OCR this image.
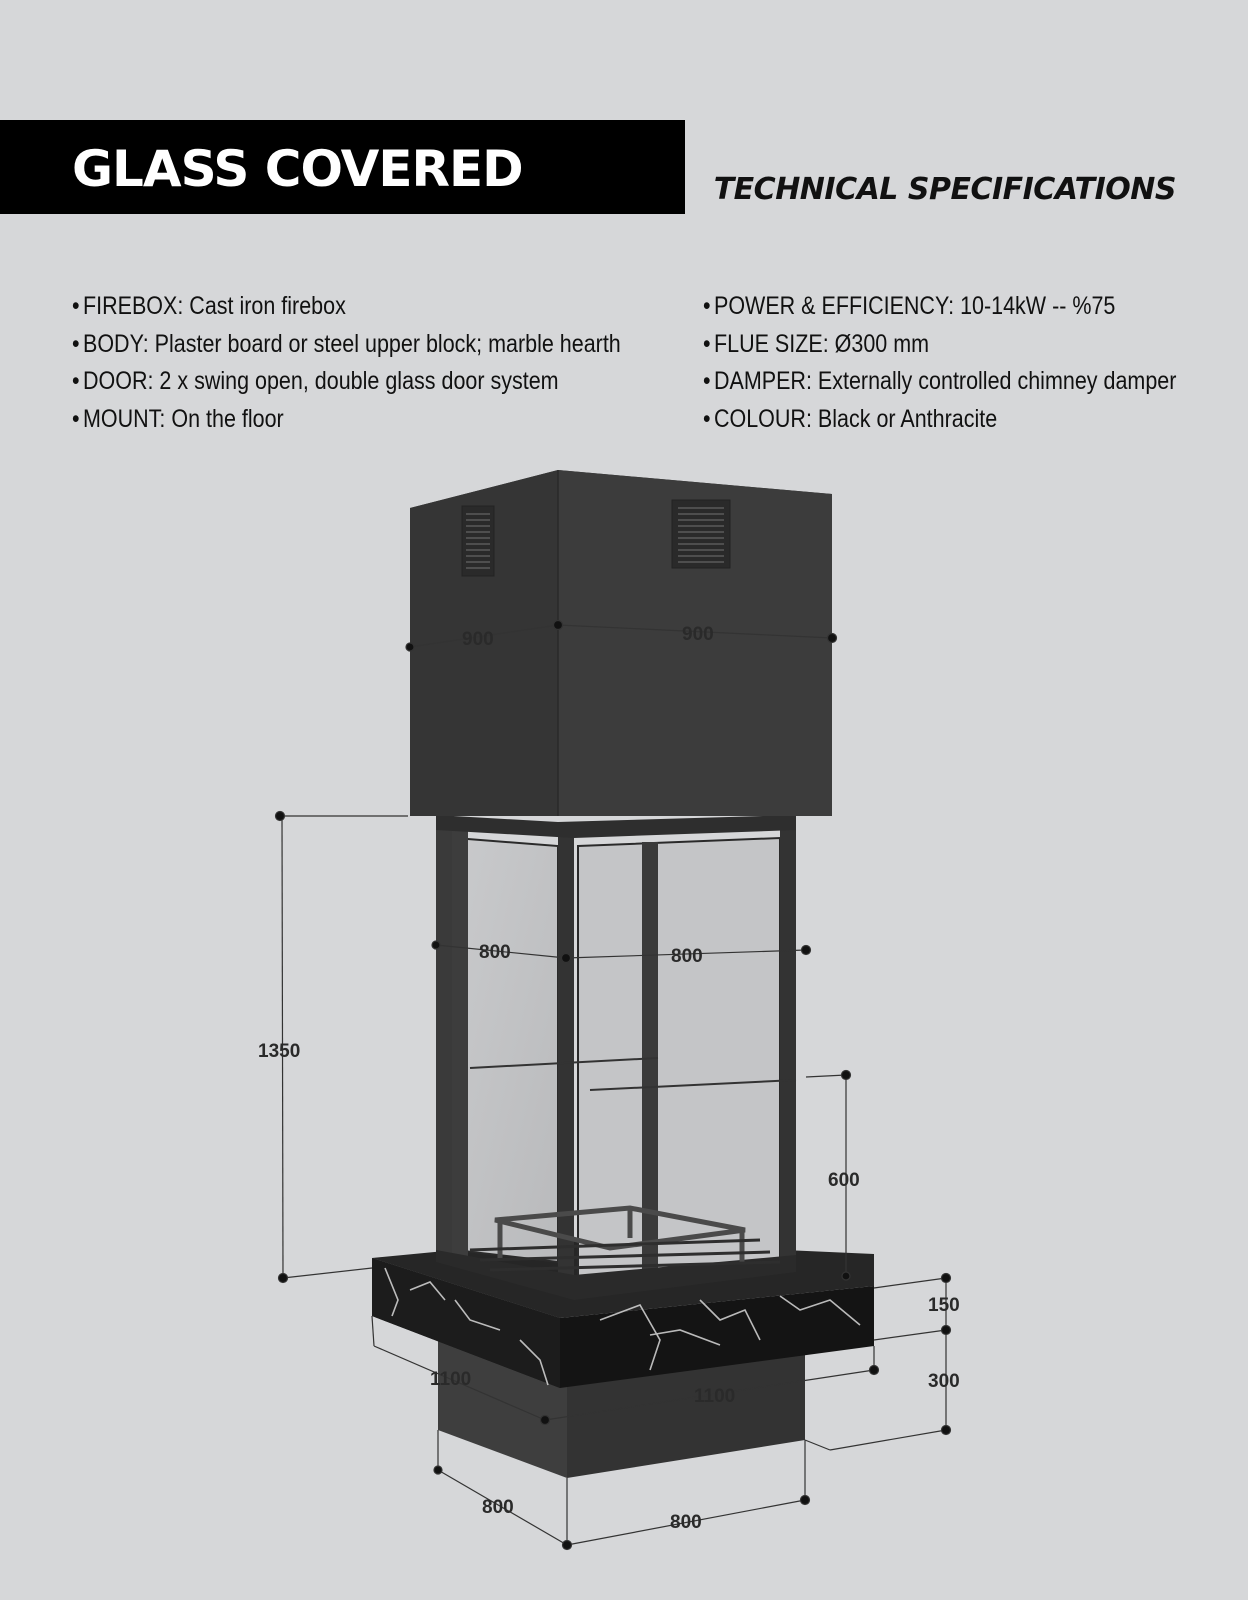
GLASS COVERED	TECHNICAL SPECIFICATIONS
• FIREBOX: Cast iron firebox
• BODY: Plaster board or steel upper block; marble hearth
• DOOR: 2 x swing open, double glass door system
• MOUNT: On the floor
• POWER & EFFICIENCY: 10-14kW -- %75
• FLUE SIZE: Ø300 mm
• DAMPER: Externally controlled chimney damper
• COLOUR: Black or Anthracite
900	900
800	800
1350
600
150
300
1100
1100
800
800
